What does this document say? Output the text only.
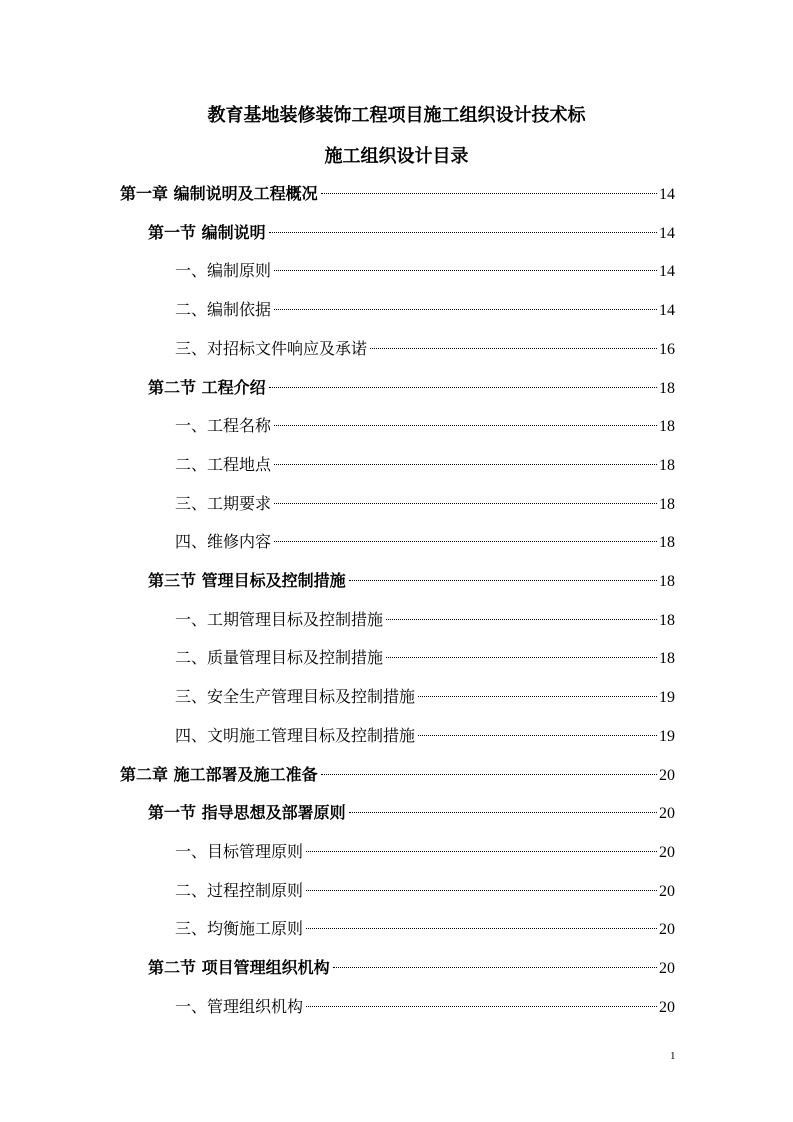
教育基地装修装饰工程项目施工组织设计技术标
施工组织设计目录
第一章 编制说明及工程概况	14
第一节 编制说明	14
一、编制原则	14
二、编制依据	14
三、对招标文件响应及承诺	16
第二节 工程介绍	18
一、工程名称	18
二、工程地点	18
三、工期要求	18
四、维修内容	18
第三节 管理目标及控制措施	18
一、工期管理目标及控制措施	18
二、质量管理目标及控制措施	18
三、安全生产管理目标及控制措施	19
四、文明施工管理目标及控制措施	19
第二章 施工部署及施工准备	20
第一节 指导思想及部署原则	20
一、目标管理原则	20
二、过程控制原则	20
三、均衡施工原则	20
第二节 项目管理组织机构	20
一、管理组织机构	20
1
